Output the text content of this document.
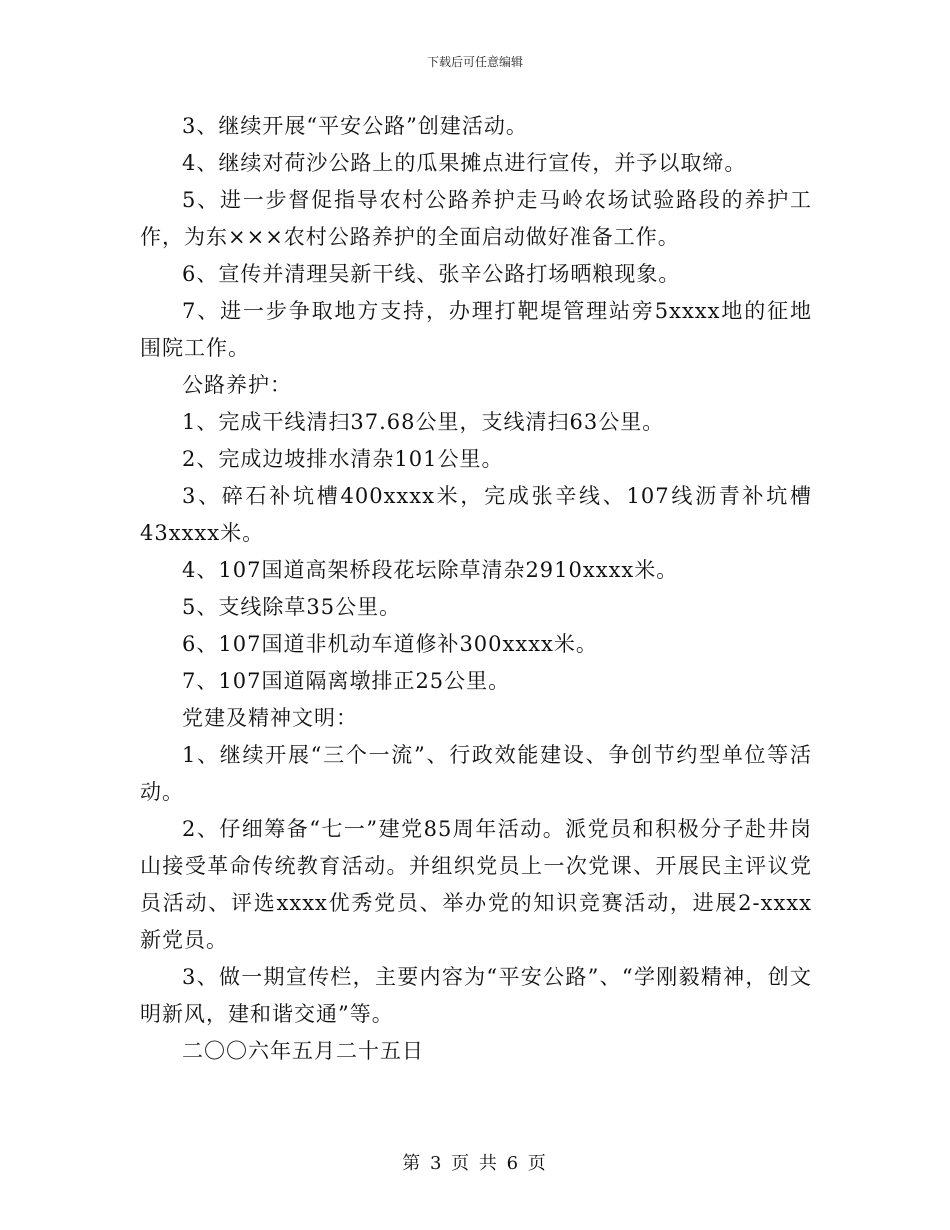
下载后可任意编辑

3、继续开展“平安公路”创建活动。

4、继续对荷沙公路上的瓜果摊点进行宣传，并予以取缔。

5、进一步督促指导农村公路养护走马岭农场试验路段的养护工作，为东×××农村公路养护的全面启动做好准备工作。

6、宣传并清理吴新干线、张辛公路打场晒粮现象。

7、进一步争取地方支持，办理打靶堤管理站旁5xxxx地的征地围院工作。

公路养护：

1、完成干线清扫37.68公里，支线清扫63公里。

2、完成边坡排水清杂101公里。

3、碎石补坑槽400xxxx米，完成张辛线、107线沥青补坑槽43xxxx米。

4、107国道高架桥段花坛除草清杂2910xxxx米。

5、支线除草35公里。

6、107国道非机动车道修补300xxxx米。

7、107国道隔离墩排正25公里。

党建及精神文明：

1、继续开展“三个一流”、行政效能建设、争创节约型单位等活动。

2、仔细筹备“七一”建党85周年活动。派党员和积极分子赴井岗山接受革命传统教育活动。并组织党员上一次党课、开展民主评议党员活动、评选xxxx优秀党员、举办党的知识竞赛活动，进展2-xxxx新党员。

3、做一期宣传栏，主要内容为“平安公路”、“学刚毅精神，创文明新风，建和谐交通”等。

二〇〇六年五月二十五日

第 3 页 共 6 页
